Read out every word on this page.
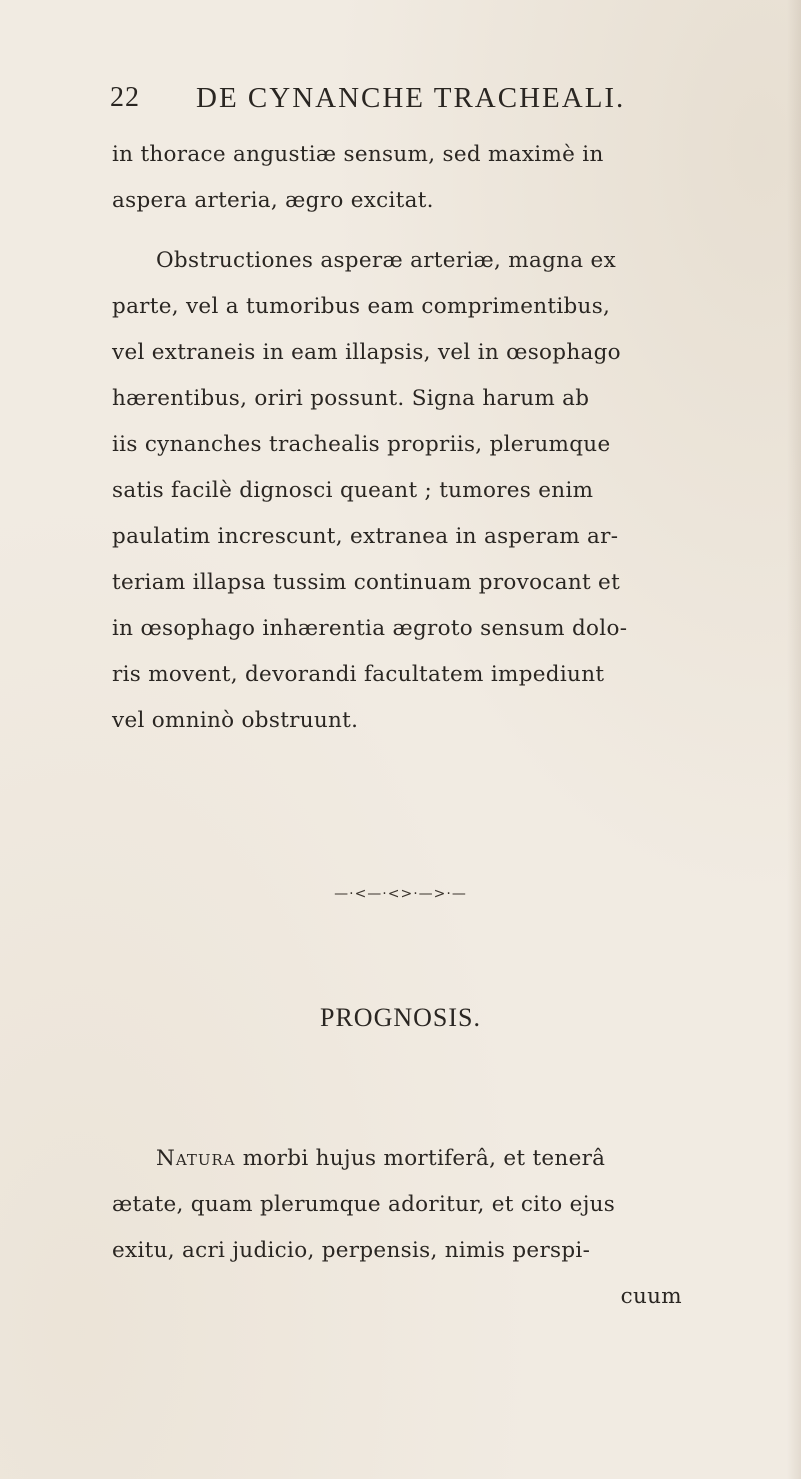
22 DE CYNANCHE TRACHEALI.
in thorace angustiæ sensum, sed maximè in
aspera arteria, ægro excitat.
Obstructiones asperæ arteriæ, magna ex
parte, vel a tumoribus eam comprimentibus,
vel extraneis in eam illapsis, vel in œsophago
hærentibus, oriri possunt. Signa harum ab
iis cynanches trachealis propriis, plerumque
satis facilè dignosci queant ; tumores enim
paulatim increscunt, extranea in asperam ar-
teriam illapsa tussim continuam provocant et
in œsophago inhærentia ægroto sensum dolo-
ris movent, devorandi facultatem impediunt
vel omninò obstruunt.
—·<—·<>·—>·—
PROGNOSIS.
Natura morbi hujus mortiferâ, et tenerâ
ætate, quam plerumque adoritur, et cito ejus
exitu, acri judicio, perpensis, nimis perspi-
cuum
